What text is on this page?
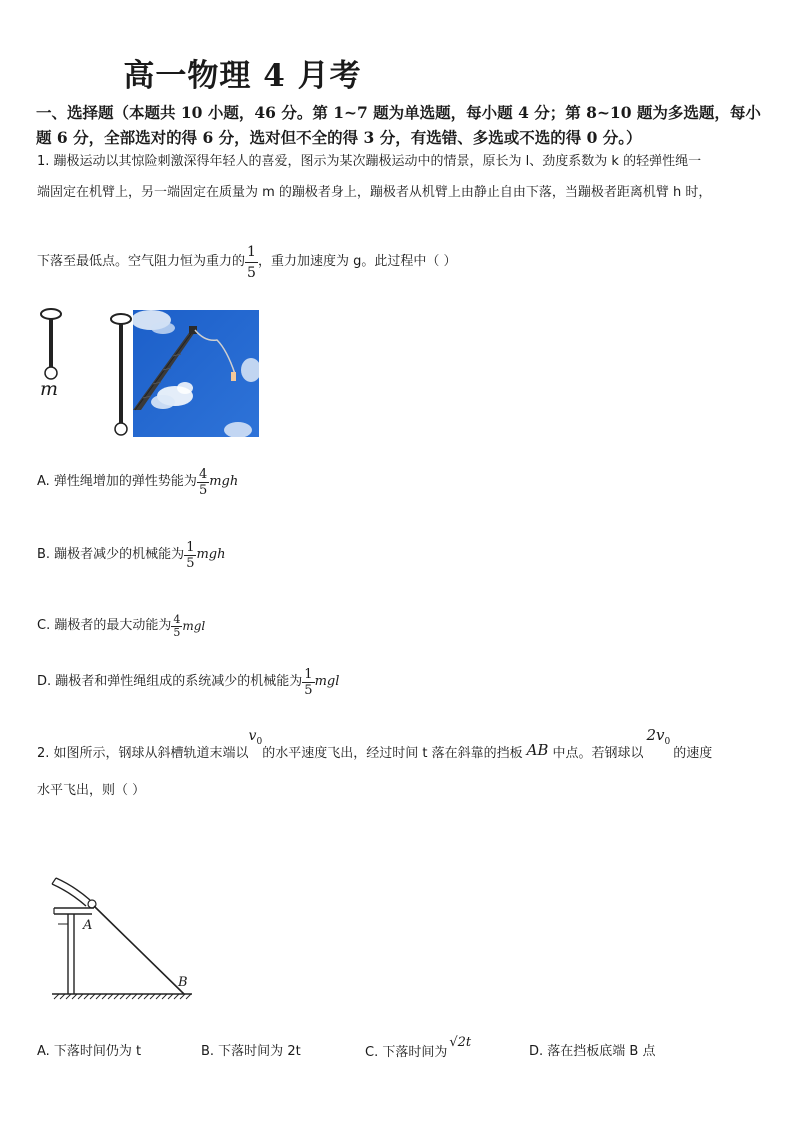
高一物理 4 月考
一、选择题（本题共 10 小题，46 分。第 1~7 题为单选题，每小题 4 分；第 8~10 题为多选题，每小题 6 分，全部选对的得 6 分，选对但不全的得 3 分，有选错、多选或不选的得 0 分。）
1. 蹦极运动以其惊险刺激深得年轻人的喜爱，图示为某次蹦极运动中的情景，原长为 l、劲度系数为 k 的轻弹性绳一
端固定在机臂上，另一端固定在质量为 m 的蹦极者身上，蹦极者从机臂上由静止自由下落，当蹦极者距离机臂 h 时，
下落至最低点。空气阻力恒为重力的 $\frac{1}{5}$ ，重力加速度为 g。此过程中（ ）
m
A. 弹性绳增加的弹性势能为 $\frac{4}{5}$ mgh
B. 蹦极者减少的机械能为 $\frac{1}{5}$ mgh
C. 蹦极者的最大动能为 $\frac{4}{5}$ mgl
D. 蹦极者和弹性绳组成的系统减少的机械能为 $\frac{1}{5}$ mgl
2. 如图所示，钢球从斜槽轨道末端以
$v_0$
的水平速度飞出，经过时间 t 落在斜靠的挡板 AB 中点。若钢球以
$2v_0$
的速度
水平飞出，则（ ）
A
B
A. 下落时间仍为 t	B. 下落时间为 2t	C. 下落时间为
√2t
D. 落在挡板底端 B 点
